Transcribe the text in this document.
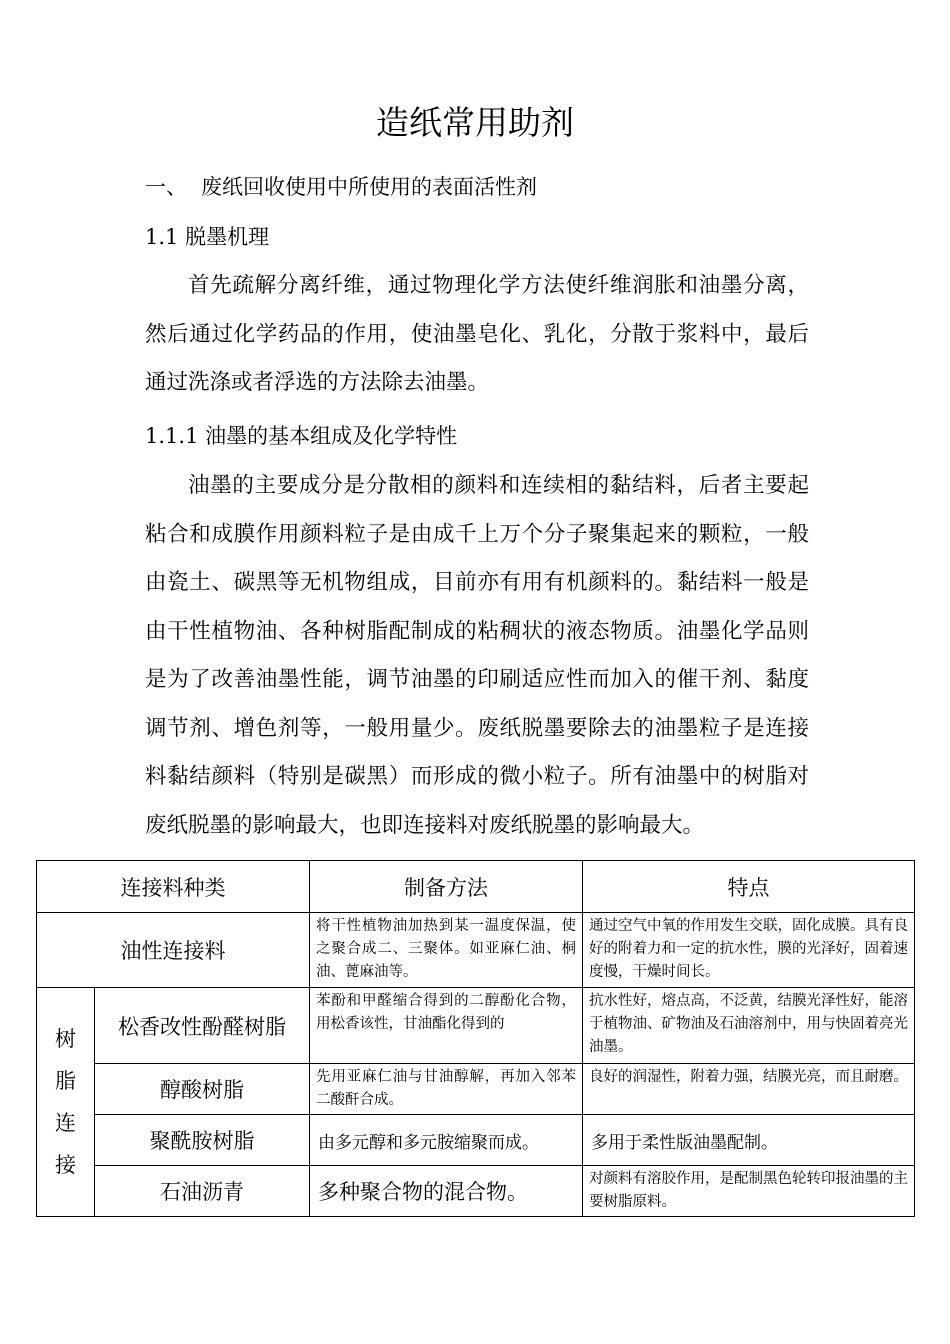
造纸常用助剂
一、 废纸回收使用中所使用的表面活性剂
1.1 脱墨机理
首先疏解分离纤维，通过物理化学方法使纤维润胀和油墨分离，然后通过化学药品的作用，使油墨皂化、乳化，分散于浆料中，最后通过洗涤或者浮选的方法除去油墨。
1.1.1 油墨的基本组成及化学特性
油墨的主要成分是分散相的颜料和连续相的黏结料，后者主要起粘合和成膜作用颜料粒子是由成千上万个分子聚集起来的颗粒，一般由瓷土、碳黑等无机物组成，目前亦有用有机颜料的。黏结料一般是由干性植物油、各种树脂配制成的粘稠状的液态物质。油墨化学品则是为了改善油墨性能，调节油墨的印刷适应性而加入的催干剂、黏度调节剂、增色剂等，一般用量少。废纸脱墨要除去的油墨粒子是连接料黏结颜料（特别是碳黑）而形成的微小粒子。所有油墨中的树脂对废纸脱墨的影响最大，也即连接料对废纸脱墨的影响最大。
连接料种类		制备方法	特点
油性连接料		将干性植物油加热到某一温度保温，使之聚合成二、三聚体。如亚麻仁油、桐油、蓖麻油等。	通过空气中氧的作用发生交联，固化成膜。具有良好的附着力和一定的抗水性，膜的光泽好，固着速度慢，干燥时间长。

树
脂
连
接	松香改性酚醛树脂	苯酚和甲醛缩合得到的二醇酚化合物，用松香该性，甘油酯化得到的	抗水性好，熔点高，不泛黄，结膜光泽性好，能溶于植物油、矿物油及石油溶剂中，用与快固着亮光油墨。
	醇酸树脂	先用亚麻仁油与甘油醇解，再加入邻苯二酸酐合成。	良好的润湿性，附着力强，结膜光亮，而且耐磨。
	聚酰胺树脂	由多元醇和多元胺缩聚而成。	多用于柔性版油墨配制。
	石油沥青	多种聚合物的混合物。	对颜料有溶胶作用，是配制黑色轮转印报油墨的主要树脂原料。
